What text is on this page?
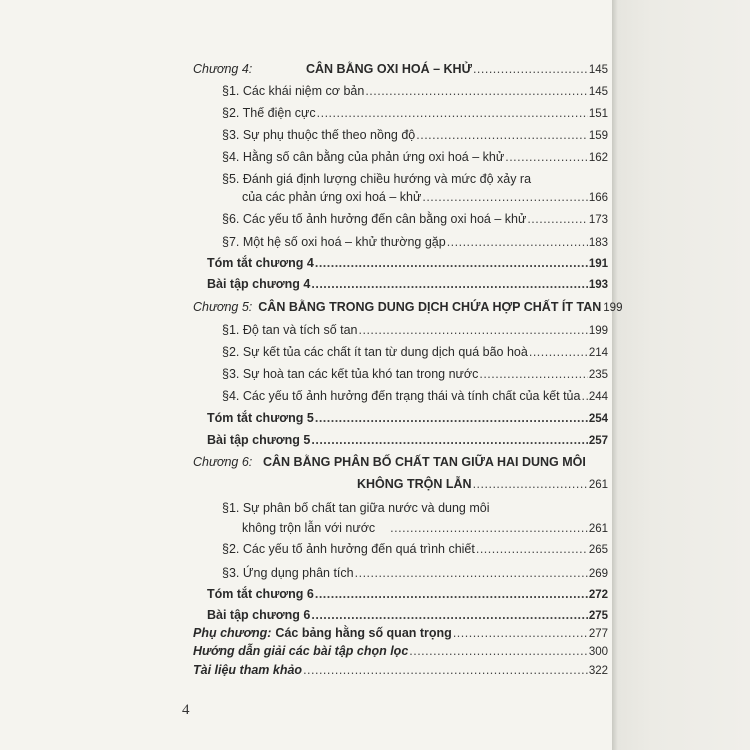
Chương 4:	CÂN BẰNG OXI HOÁ – KHỬ .....	145
§1. Các khái niệm cơ bản .....	145
§2. Thế điện cực .....	151
§3. Sự phụ thuộc thế theo nồng độ .....	159
§4. Hằng số cân bằng của phản ứng oxi hoá – khử .....	162
§5. Đánh giá định lượng chiều hướng và mức độ xảy ra
của các phản ứng oxi hoá – khử .....	166
§6. Các yếu tố ảnh hưởng đến cân bằng oxi hoá – khử .....	173
§7. Một hệ số oxi hoá – khử thường gặp .....	183
Tóm tắt chương 4 .....	191
Bài tập chương 4 .....	193
Chương 5: CÂN BẰNG TRONG DUNG DỊCH CHỨA HỢP CHẤT ÍT TAN 199
§1. Độ tan và tích số tan .....	199
§2. Sự kết tủa các chất ít tan từ dung dịch quá bão hoà .....	214
§3. Sự hoà tan các kết tủa khó tan trong nước .....	235
§4. Các yếu tố ảnh hưởng đến trạng thái và tính chất của kết tủa ..... 244
Tóm tắt chương 5 .....	254
Bài tập chương 5 .....	257
Chương 6: CÂN BẰNG PHÂN BỐ CHẤT TAN GIỮA HAI DUNG MÔI
KHÔNG TRỘN LẪN .....	261
§1. Sự phân bố chất tan giữa nước và dung môi
không trộn lẫn với nước .....	261
§2. Các yếu tố ảnh hưởng đến quá trình chiết .....	265
§3. Ứng dụng phân tích .....	269
Tóm tắt chương 6 .....	272
Bài tập chương 6 .....	275
Phụ chương: Các bảng hằng số quan trọng .....	277
Hướng dẫn giải các bài tập chọn lọc .....	300
Tài liệu tham khảo .....	322
4
